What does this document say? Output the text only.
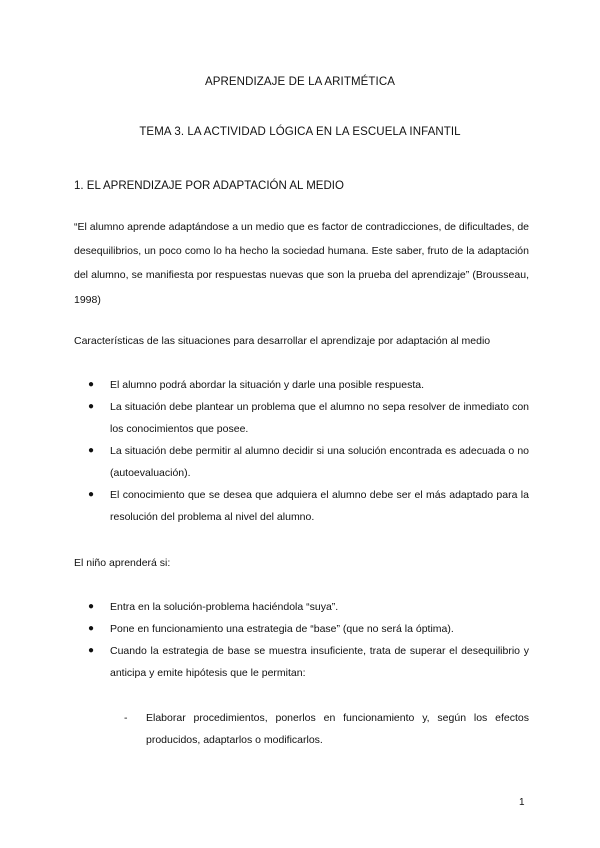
APRENDIZAJE DE LA ARITMÉTICA
TEMA 3. LA ACTIVIDAD LÓGICA EN LA ESCUELA INFANTIL
1. EL APRENDIZAJE POR ADAPTACIÓN AL MEDIO

“El alumno aprende adaptándose a un medio que es factor de contradicciones, de dificultades, de desequilibrios, un poco como lo ha hecho la sociedad humana. Este saber, fruto de la adaptación del alumno, se manifiesta por respuestas nuevas que son la prueba del aprendizaje” (Brousseau, 1998)

Características de las situaciones para desarrollar el aprendizaje por adaptación al medio

● El alumno podrá abordar la situación y darle una posible respuesta.
● La situación debe plantear un problema que el alumno no sepa resolver de inmediato con los conocimientos que posee.
● La situación debe permitir al alumno decidir si una solución encontrada es adecuada o no (autoevaluación).
● El conocimiento que se desea que adquiera el alumno debe ser el más adaptado para la resolución del problema al nivel del alumno.

El niño aprenderá si:

● Entra en la solución-problema haciéndola “suya”.
● Pone en funcionamiento una estrategia de “base” (que no será la óptima).
● Cuando la estrategia de base se muestra insuficiente, trata de superar el desequilibrio y anticipa y emite hipótesis que le permitan:
- Elaborar procedimientos, ponerlos en funcionamiento y, según los efectos producidos, adaptarlos o modificarlos.

1
